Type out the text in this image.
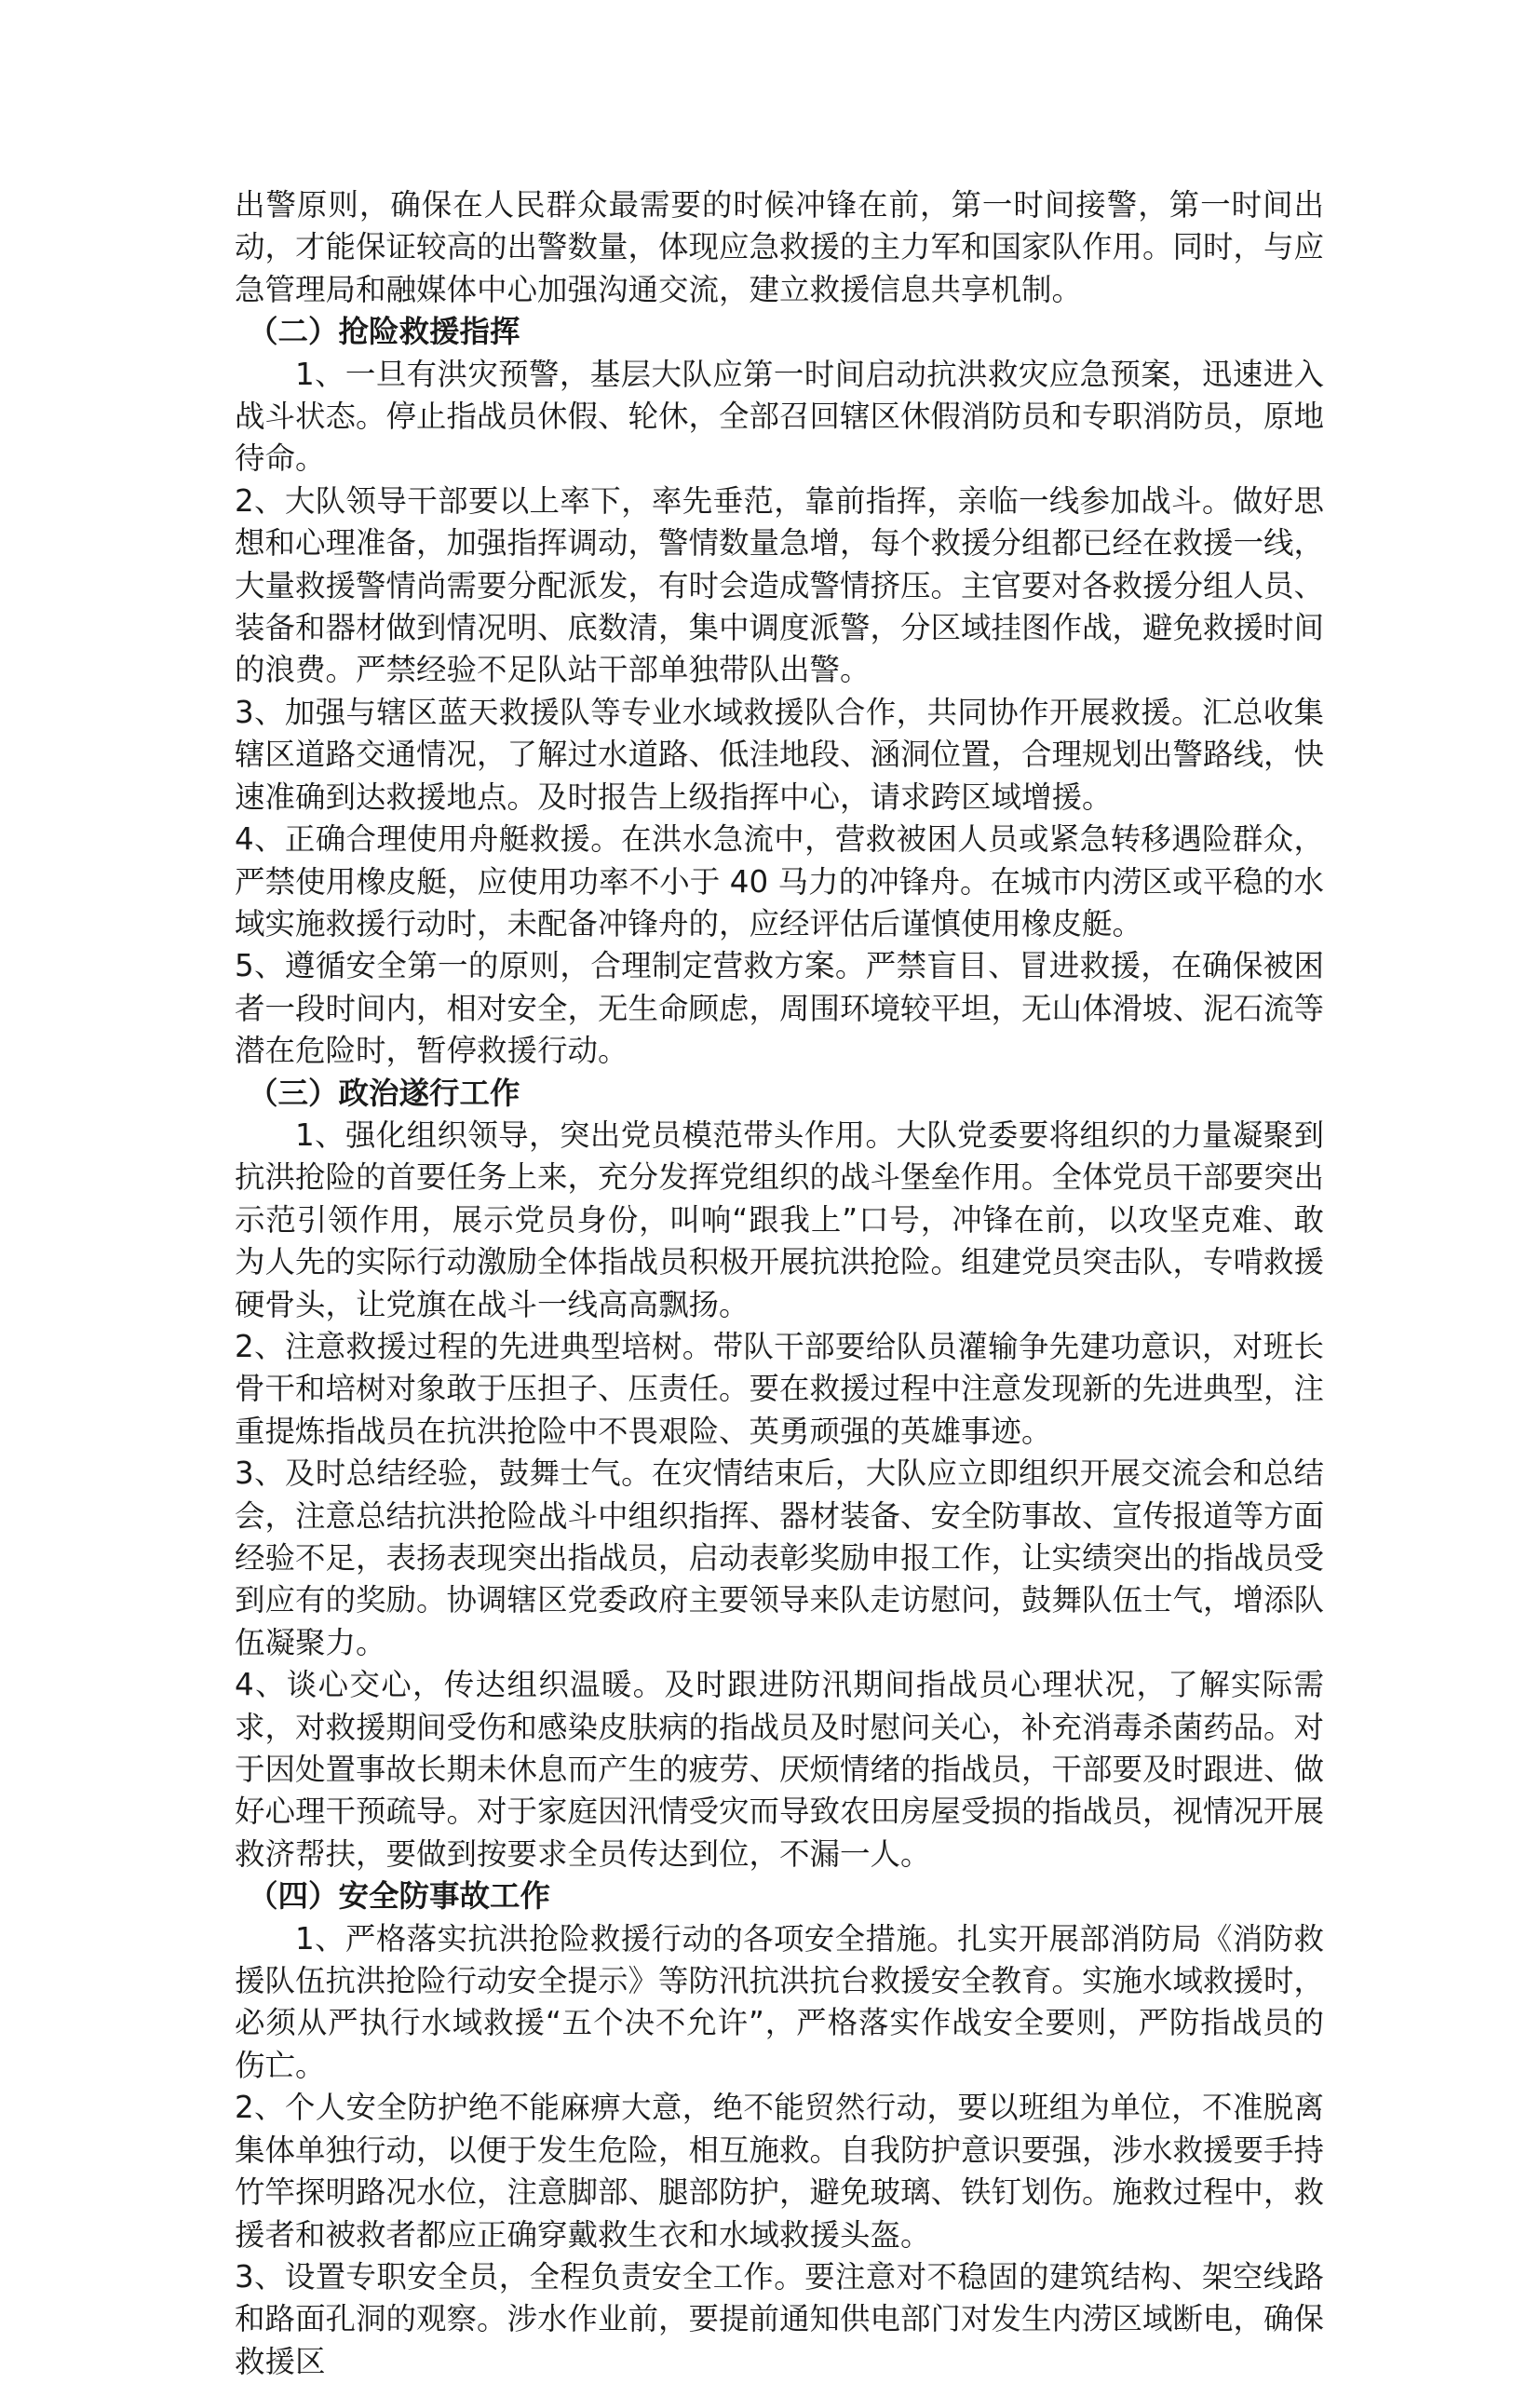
出警原则，确保在人民群众最需要的时候冲锋在前，第一时间接警，第一时间出动，才能保证较高的出警数量，体现应急救援的主力军和国家队作用。同时，与应急管理局和融媒体中心加强沟通交流，建立救援信息共享机制。

（二）抢险救援指挥

1、一旦有洪灾预警，基层大队应第一时间启动抗洪救灾应急预案，迅速进入战斗状态。停止指战员休假、轮休，全部召回辖区休假消防员和专职消防员，原地待命。

2、大队领导干部要以上率下，率先垂范，靠前指挥，亲临一线参加战斗。做好思想和心理准备，加强指挥调动，警情数量急增，每个救援分组都已经在救援一线，大量救援警情尚需要分配派发，有时会造成警情挤压。主官要对各救援分组人员、装备和器材做到情况明、底数清，集中调度派警，分区域挂图作战，避免救援时间的浪费。严禁经验不足队站干部单独带队出警。

3、加强与辖区蓝天救援队等专业水域救援队合作，共同协作开展救援。汇总收集辖区道路交通情况，了解过水道路、低洼地段、涵洞位置，合理规划出警路线，快速准确到达救援地点。及时报告上级指挥中心，请求跨区域增援。

4、正确合理使用舟艇救援。在洪水急流中，营救被困人员或紧急转移遇险群众，严禁使用橡皮艇，应使用功率不小于 40 马力的冲锋舟。在城市内涝区或平稳的水域实施救援行动时，未配备冲锋舟的，应经评估后谨慎使用橡皮艇。

5、遵循安全第一的原则，合理制定营救方案。严禁盲目、冒进救援，在确保被困者一段时间内，相对安全，无生命顾虑，周围环境较平坦，无山体滑坡、泥石流等潜在危险时，暂停救援行动。

（三）政治遂行工作

1、强化组织领导，突出党员模范带头作用。大队党委要将组织的力量凝聚到抗洪抢险的首要任务上来，充分发挥党组织的战斗堡垒作用。全体党员干部要突出示范引领作用，展示党员身份，叫响“跟我上”口号，冲锋在前，以攻坚克难、敢为人先的实际行动激励全体指战员积极开展抗洪抢险。组建党员突击队，专啃救援硬骨头，让党旗在战斗一线高高飘扬。

2、注意救援过程的先进典型培树。带队干部要给队员灌输争先建功意识，对班长骨干和培树对象敢于压担子、压责任。要在救援过程中注意发现新的先进典型，注重提炼指战员在抗洪抢险中不畏艰险、英勇顽强的英雄事迹。

3、及时总结经验，鼓舞士气。在灾情结束后，大队应立即组织开展交流会和总结会，注意总结抗洪抢险战斗中组织指挥、器材装备、安全防事故、宣传报道等方面经验不足，表扬表现突出指战员，启动表彰奖励申报工作，让实绩突出的指战员受到应有的奖励。协调辖区党委政府主要领导来队走访慰问，鼓舞队伍士气，增添队伍凝聚力。

4、谈心交心，传达组织温暖。及时跟进防汛期间指战员心理状况，了解实际需求，对救援期间受伤和感染皮肤病的指战员及时慰问关心，补充消毒杀菌药品。对于因处置事故长期未休息而产生的疲劳、厌烦情绪的指战员，干部要及时跟进、做好心理干预疏导。对于家庭因汛情受灾而导致农田房屋受损的指战员，视情况开展救济帮扶，要做到按要求全员传达到位，不漏一人。

（四）安全防事故工作

1、严格落实抗洪抢险救援行动的各项安全措施。扎实开展部消防局《消防救援队伍抗洪抢险行动安全提示》等防汛抗洪抗台救援安全教育。实施水域救援时，必须从严执行水域救援“五个决不允许”，严格落实作战安全要则，严防指战员的伤亡。

2、个人安全防护绝不能麻痹大意，绝不能贸然行动，要以班组为单位，不准脱离集体单独行动，以便于发生危险，相互施救。自我防护意识要强，涉水救援要手持竹竿探明路况水位，注意脚部、腿部防护，避免玻璃、铁钉划伤。施救过程中，救援者和被救者都应正确穿戴救生衣和水域救援头盔。

3、设置专职安全员，全程负责安全工作。要注意对不稳固的建筑结构、架空线路和路面孔洞的观察。涉水作业前，要提前通知供电部门对发生内涝区域断电，确保救援区
